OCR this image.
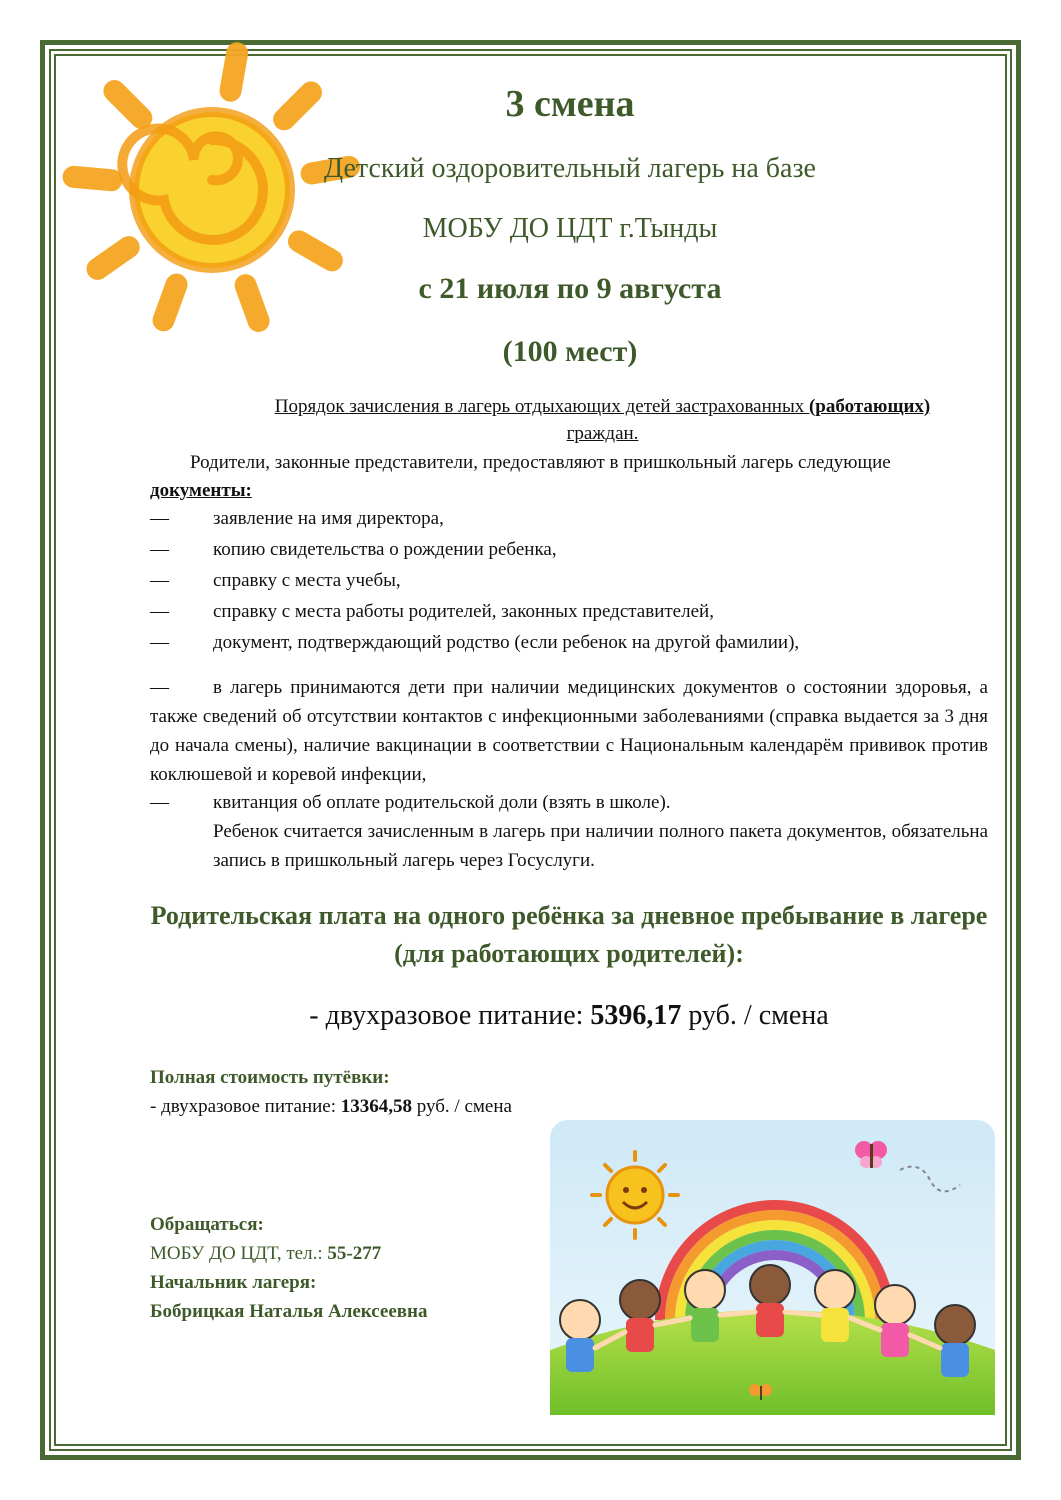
3 смена
Детский оздоровительный лагерь на базе
МОБУ ДО ЦДТ г.Тынды
с 21 июля по 9 августа
(100 мест)
Порядок зачисления в лагерь отдыхающих детей застрахованных (работающих)
граждан.
Родители, законные представители, предоставляют в пришкольный лагерь следующие
документы:
— заявление на имя директора,
— копию свидетельства о рождении ребенка,
— справку с места учебы,
— справку с места работы родителей, законных представителей,
— документ, подтверждающий родство (если ребенок на другой фамилии),
— в лагерь принимаются дети при наличии медицинских документов о состоянии здоровья, а также сведений об отсутствии контактов с инфекционными заболеваниями (справка выдается за 3 дня до начала смены), наличие вакцинации в соответствии с Национальным календарём прививок против коклюшевой и коревой инфекции,
—	квитанция об оплате родительской доли (взять в школе).
Ребенок считается зачисленным в лагерь при наличии полного пакета документов, обязательна запись в пришкольный лагерь через Госуслуги.
Родительская плата на одного ребёнка за дневное пребывание в лагере (для работающих родителей):
- двухразовое питание: 5396,17 руб. / смена
Полная стоимость путёвки:
- двухразовое питание: 13364,58 руб. / смена
Обращаться:
МОБУ ДО ЦДТ, тел.: 55-277
Начальник лагеря:
Бобрицкая Наталья Алексеевна
